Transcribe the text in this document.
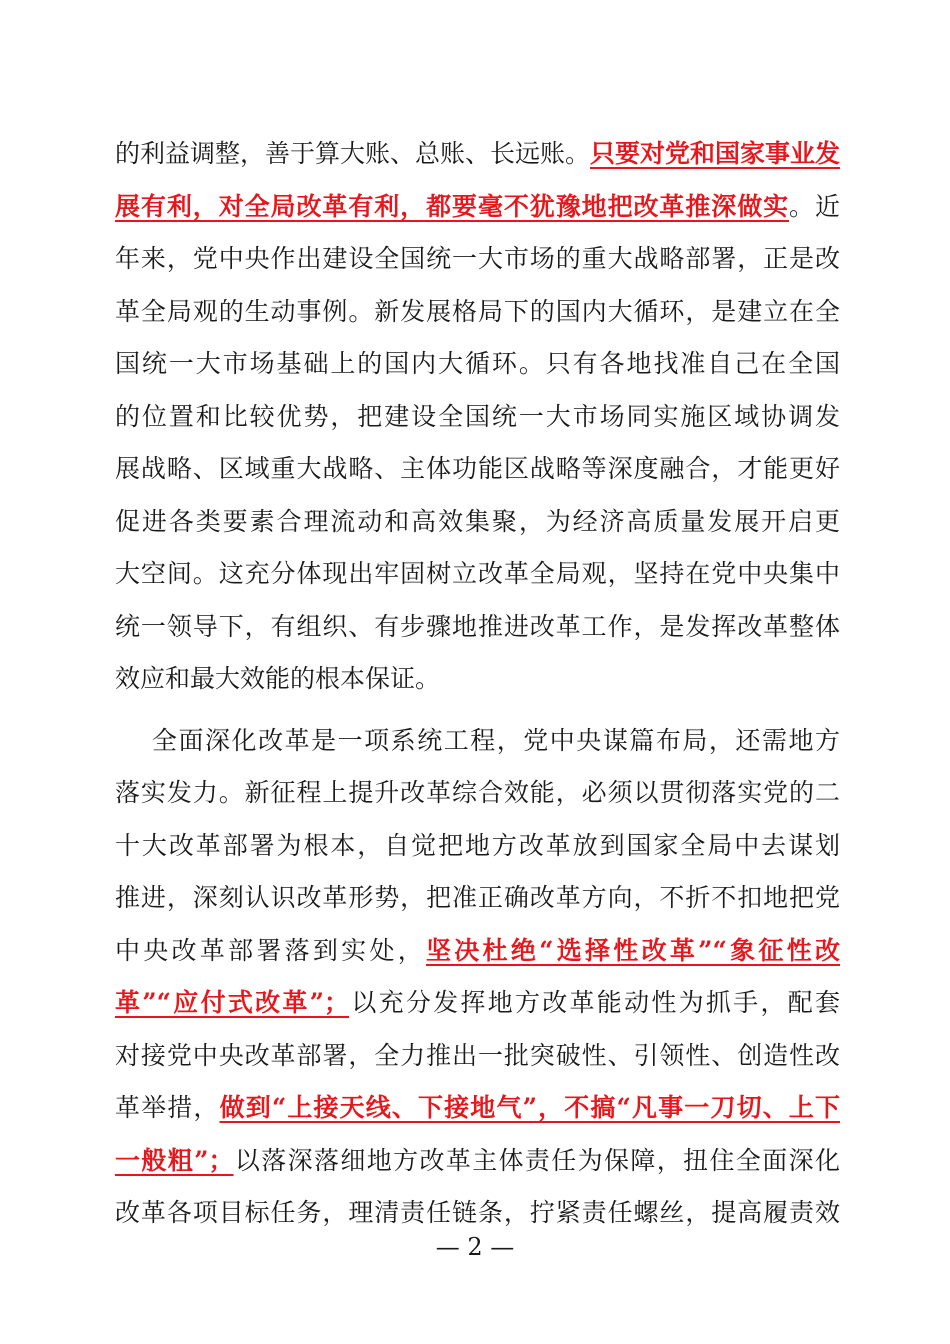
的利益调整，善于算大账、总账、长远账。只要对党和国家事业发
展有利，对全局改革有利，都要毫不犹豫地把改革推深做实。近
年来，党中央作出建设全国统一大市场的重大战略部署，正是改
革全局观的生动事例。新发展格局下的国内大循环，是建立在全
国统一大市场基础上的国内大循环。只有各地找准自己在全国
的位置和比较优势，把建设全国统一大市场同实施区域协调发
展战略、区域重大战略、主体功能区战略等深度融合，才能更好
促进各类要素合理流动和高效集聚，为经济高质量发展开启更
大空间。这充分体现出牢固树立改革全局观，坚持在党中央集中
统一领导下，有组织、有步骤地推进改革工作，是发挥改革整体
效应和最大效能的根本保证。
全面深化改革是一项系统工程，党中央谋篇布局，还需地方
落实发力。新征程上提升改革综合效能，必须以贯彻落实党的二
十大改革部署为根本，自觉把地方改革放到国家全局中去谋划
推进，深刻认识改革形势，把准正确改革方向，不折不扣地把党
中央改革部署落到实处，坚决杜绝“选择性改革”“象征性改
革”“应付式改革”；以充分发挥地方改革能动性为抓手，配套
对接党中央改革部署，全力推出一批突破性、引领性、创造性改
革举措，做到“上接天线、下接地气”，不搞“凡事一刀切、上下
一般粗”；以落深落细地方改革主体责任为保障，扭住全面深化
改革各项目标任务，理清责任链条，拧紧责任螺丝，提高履责效
— 2 —
